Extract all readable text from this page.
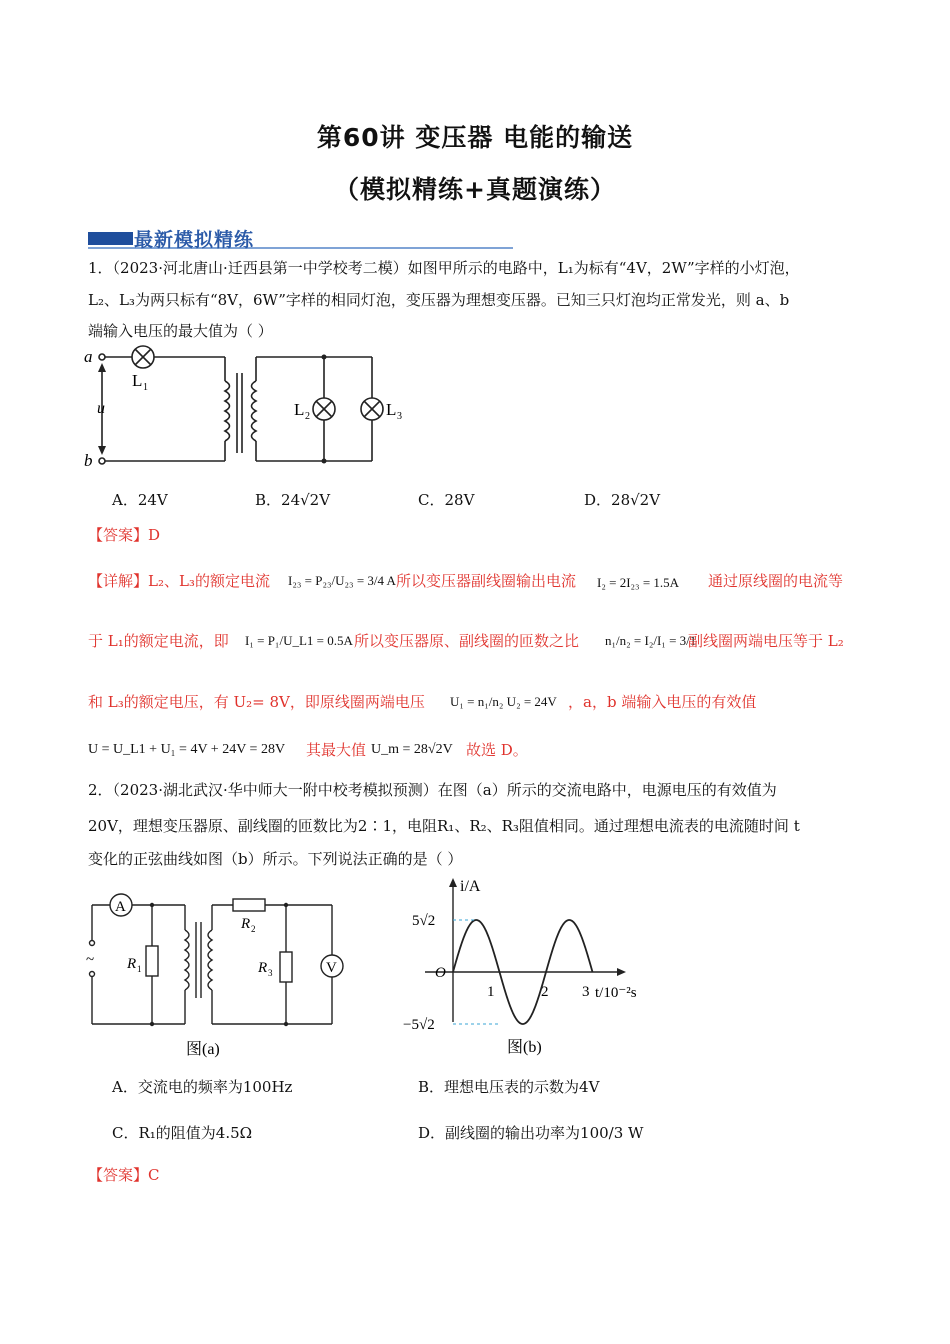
第60讲 变压器 电能的输送
（模拟精练+真题演练）
最新模拟精练
1．（2023·河北唐山·迁西县第一中学校考二模）如图甲所示的电路中，L₁为标有“4V，2W”字样的小灯泡，
L₂、L₃为两只标有“8V，6W”字样的相同灯泡，变压器为理想变压器。已知三只灯泡均正常发光，则 a、b
端输入电压的最大值为（ ）
a
b
u
L 1
L 2	L 3
A．24V	B．24√2V	C．28V	D．28√2V
【答案】D
【详解】L₂、L₃的额定电流 I₂₃ = P₂₃/U₂₃ = 3/4 A 所以变压器副线圈输出电流 I₂ = 2I₂₃ = 1.5A 通过原线圈的电流等
于 L₁的额定电流，即 I₁ = P₁/U_L1 = 0.5A 所以变压器原、副线圈的匝数之比 n₁/n₂ = I₂/I₁ = 3/1
副线圈两端电压等于 L₂
和 L₃的额定电压，有 U₂= 8V，即原线圈两端电压 U₁ = n₁/n₂ U₂ = 24V ，a，b 端输入电压的有效值
U = U_L1 + U₁ = 4V + 24V = 28V 其最大值 U_m = 28√2V 故选 D。
2．（2023·湖北武汉·华中师大一附中校考模拟预测）在图（a）所示的交流电路中，电源电压的有效值为
20V，理想变压器原、副线圈的匝数比为2∶1，电阻R₁、R₂、R₃阻值相同。通过理想电流表的电流随时间 t
变化的正弦曲线如图（b）所示。下列说法正确的是（ ）
A
V
~ R 1
R 2
R 3
图(a)
i/A
t/10⁻²s
5√2
−5√2
O
1	2 3
图(b)
A．交流电的频率为100Hz	B．理想电压表的示数为4V
C．R₁的阻值为4.5Ω	D．副线圈的输出功率为100/3 W
【答案】C
